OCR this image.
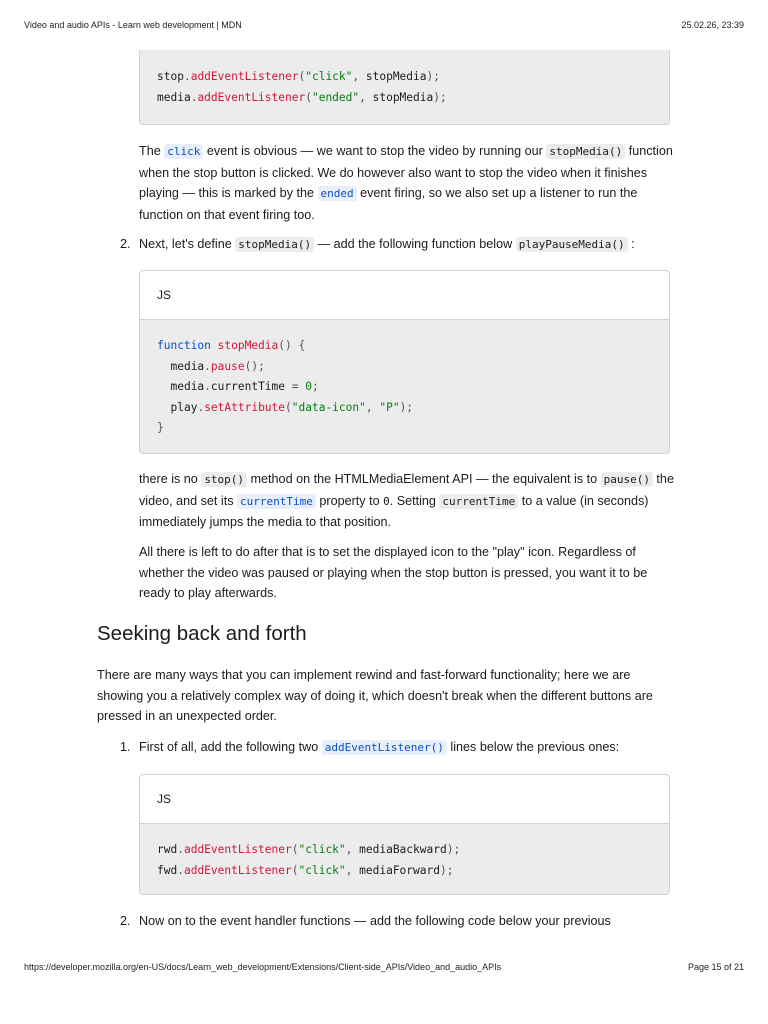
Video and audio APIs - Learn web development | MDN	25.02.26, 23:39
stop.addEventListener("click", stopMedia);
media.addEventListener("ended", stopMedia);

The click event is obvious — we want to stop the video by running our stopMedia() function when the stop button is clicked. We do however also want to stop the video when it finishes playing — this is marked by the ended event firing, so we also set up a listener to run the function on that event firing too.

2. Next, let's define stopMedia() — add the following function below playPauseMedia() :

JS
function stopMedia() {
media.pause();
media.currentTime = 0;
play.setAttribute("data-icon", "P");
}

there is no stop() method on the HTMLMediaElement API — the equivalent is to pause() the video, and set its currentTime property to 0. Setting currentTime to a value (in seconds) immediately jumps the media to that position.

All there is left to do after that is to set the displayed icon to the "play" icon. Regardless of whether the video was paused or playing when the stop button is pressed, you want it to be ready to play afterwards.

Seeking back and forth

There are many ways that you can implement rewind and fast-forward functionality; here we are showing you a relatively complex way of doing it, which doesn't break when the different buttons are pressed in an unexpected order.

1. First of all, add the following two addEventListener() lines below the previous ones:

JS
rwd.addEventListener("click", mediaBackward);
fwd.addEventListener("click", mediaForward);
2. Now on to the event handler functions — add the following code below your previous

https://developer.mozilla.org/en-US/docs/Learn_web_development/Extensions/Client-side_APIs/Video_and_audio_APIs	Page 15 of 21
